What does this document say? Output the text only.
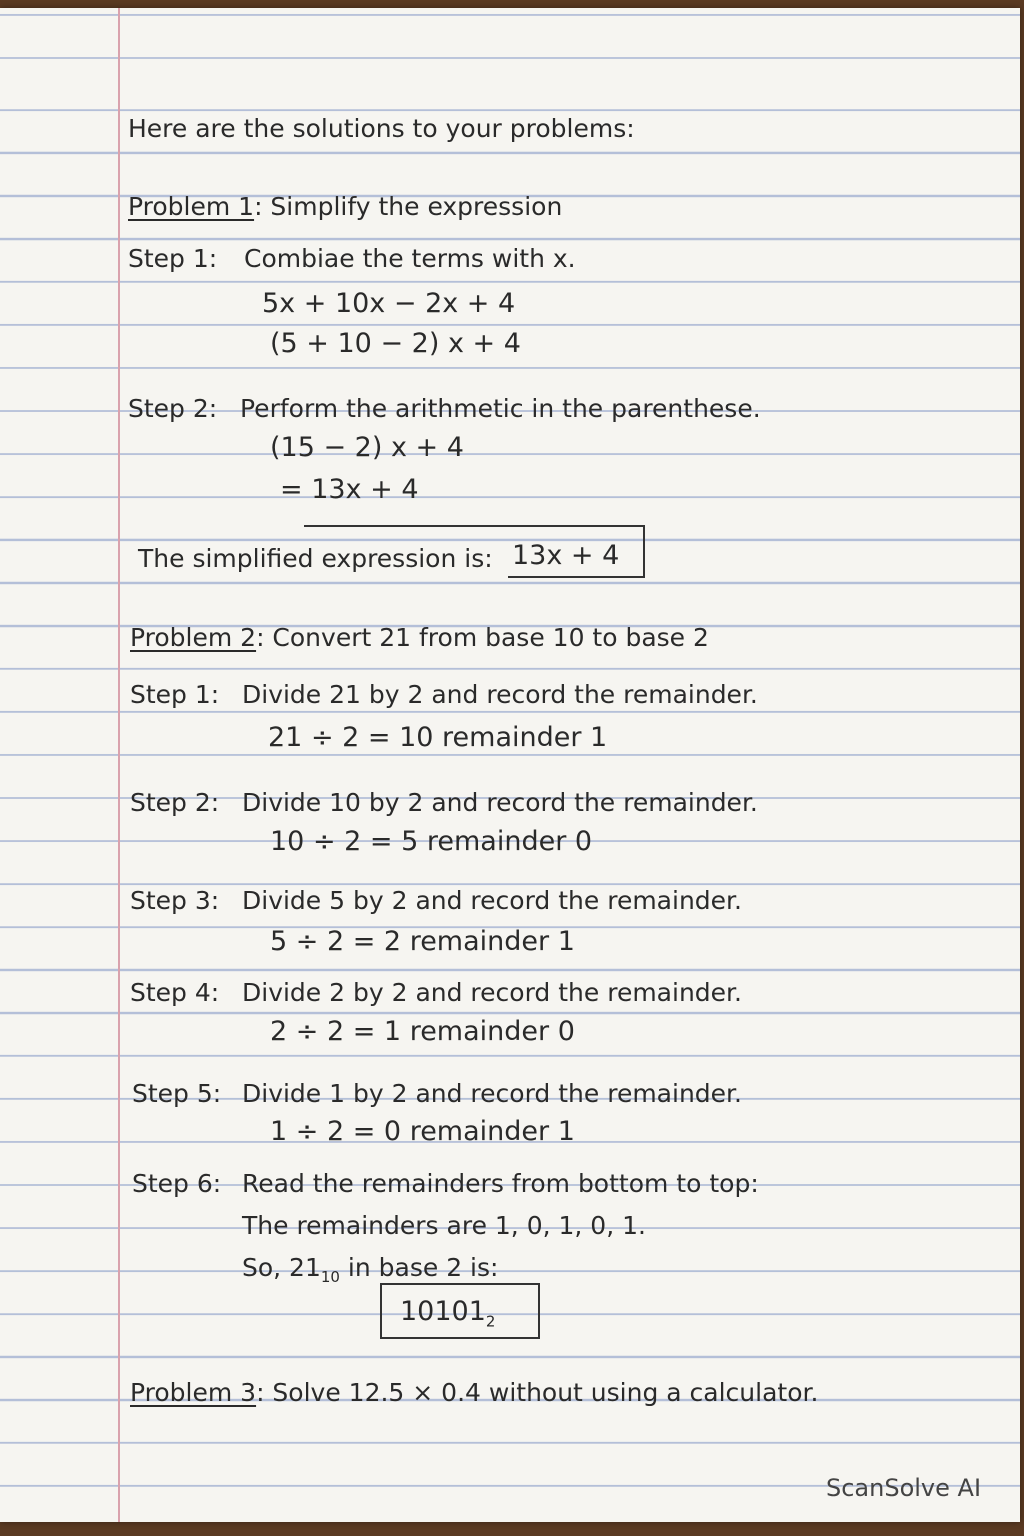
Here are the solutions to your problems:
Problem 1: Simplify the expression
Step 1: Combiae the terms with x.
5x + 10x − 2x + 4
(5 + 10 − 2) x + 4
Step 2: Perform the arithmetic in the parenthese.
(15 − 2) x + 4
= 13x + 4
The simplified expression is: 13x + 4
Problem 2: Convert 21 from base 10 to base 2
Step 1: Divide 21 by 2 and record the remainder.
21 ÷ 2 = 10 remainder 1
Step 2: Divide 10 by 2 and record the remainder.
10 ÷ 2 = 5 remainder 0
Step 3: Divide 5 by 2 and record the remainder.
5 ÷ 2 = 2 remainder 1
Step 4: Divide 2 by 2 and record the remainder.
2 ÷ 2 = 1 remainder 0
Step 5: Divide 1 by 2 and record the remainder.
1 ÷ 2 = 0 remainder 1
Step 6: Read the remainders from bottom to top:
The remainders are 1, 0, 1, 0, 1.
So, $21_{10}$ in base 2 is:
$10101_2$
Problem 3: Solve 12.5 × 0.4 without using a calculator.
ScanSolve AI
